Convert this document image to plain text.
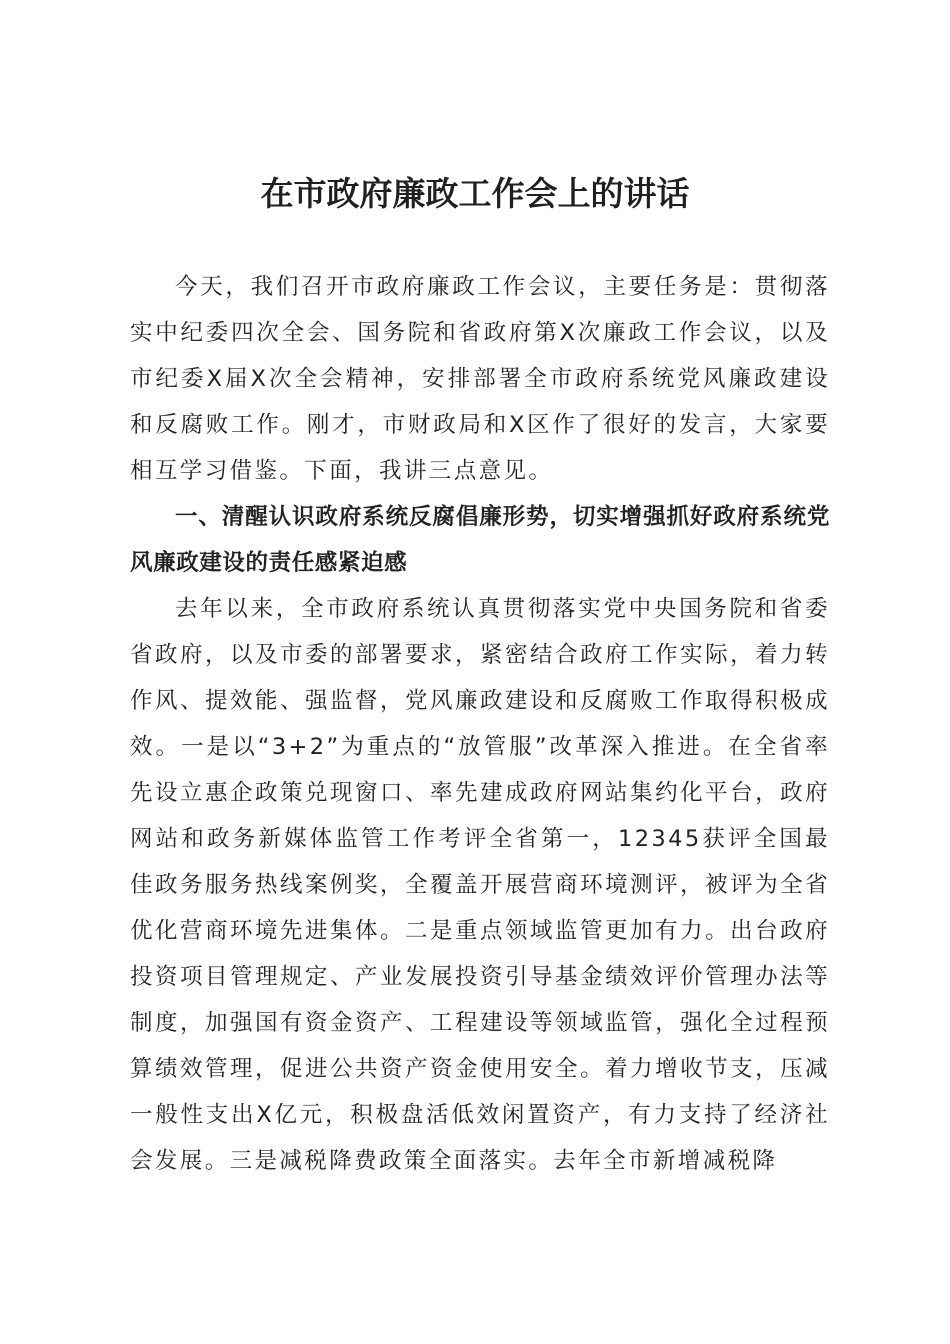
在市政府廉政工作会上的讲话

今天，我们召开市政府廉政工作会议，主要任务是：贯彻落实中纪委四次全会、国务院和省政府第X次廉政工作会议，以及市纪委X届X次全会精神，安排部署全市政府系统党风廉政建设和反腐败工作。刚才，市财政局和X区作了很好的发言，大家要相互学习借鉴。下面，我讲三点意见。

一、清醒认识政府系统反腐倡廉形势，切实增强抓好政府系统党风廉政建设的责任感紧迫感

去年以来，全市政府系统认真贯彻落实党中央国务院和省委省政府，以及市委的部署要求，紧密结合政府工作实际，着力转作风、提效能、强监督，党风廉政建设和反腐败工作取得积极成效。一是以“3+2”为重点的“放管服”改革深入推进。在全省率先设立惠企政策兑现窗口、率先建成政府网站集约化平台，政府网站和政务新媒体监管工作考评全省第一，12345获评全国最佳政务服务热线案例奖，全覆盖开展营商环境测评，被评为全省优化营商环境先进集体。二是重点领域监管更加有力。出台政府投资项目管理规定、产业发展投资引导基金绩效评价管理办法等制度，加强国有资金资产、工程建设等领域监管，强化全过程预算绩效管理，促进公共资产资金使用安全。着力增收节支，压减一般性支出X亿元，积极盘活低效闲置资产，有力支持了经济社会发展。三是减税降费政策全面落实。去年全市新增减税降
